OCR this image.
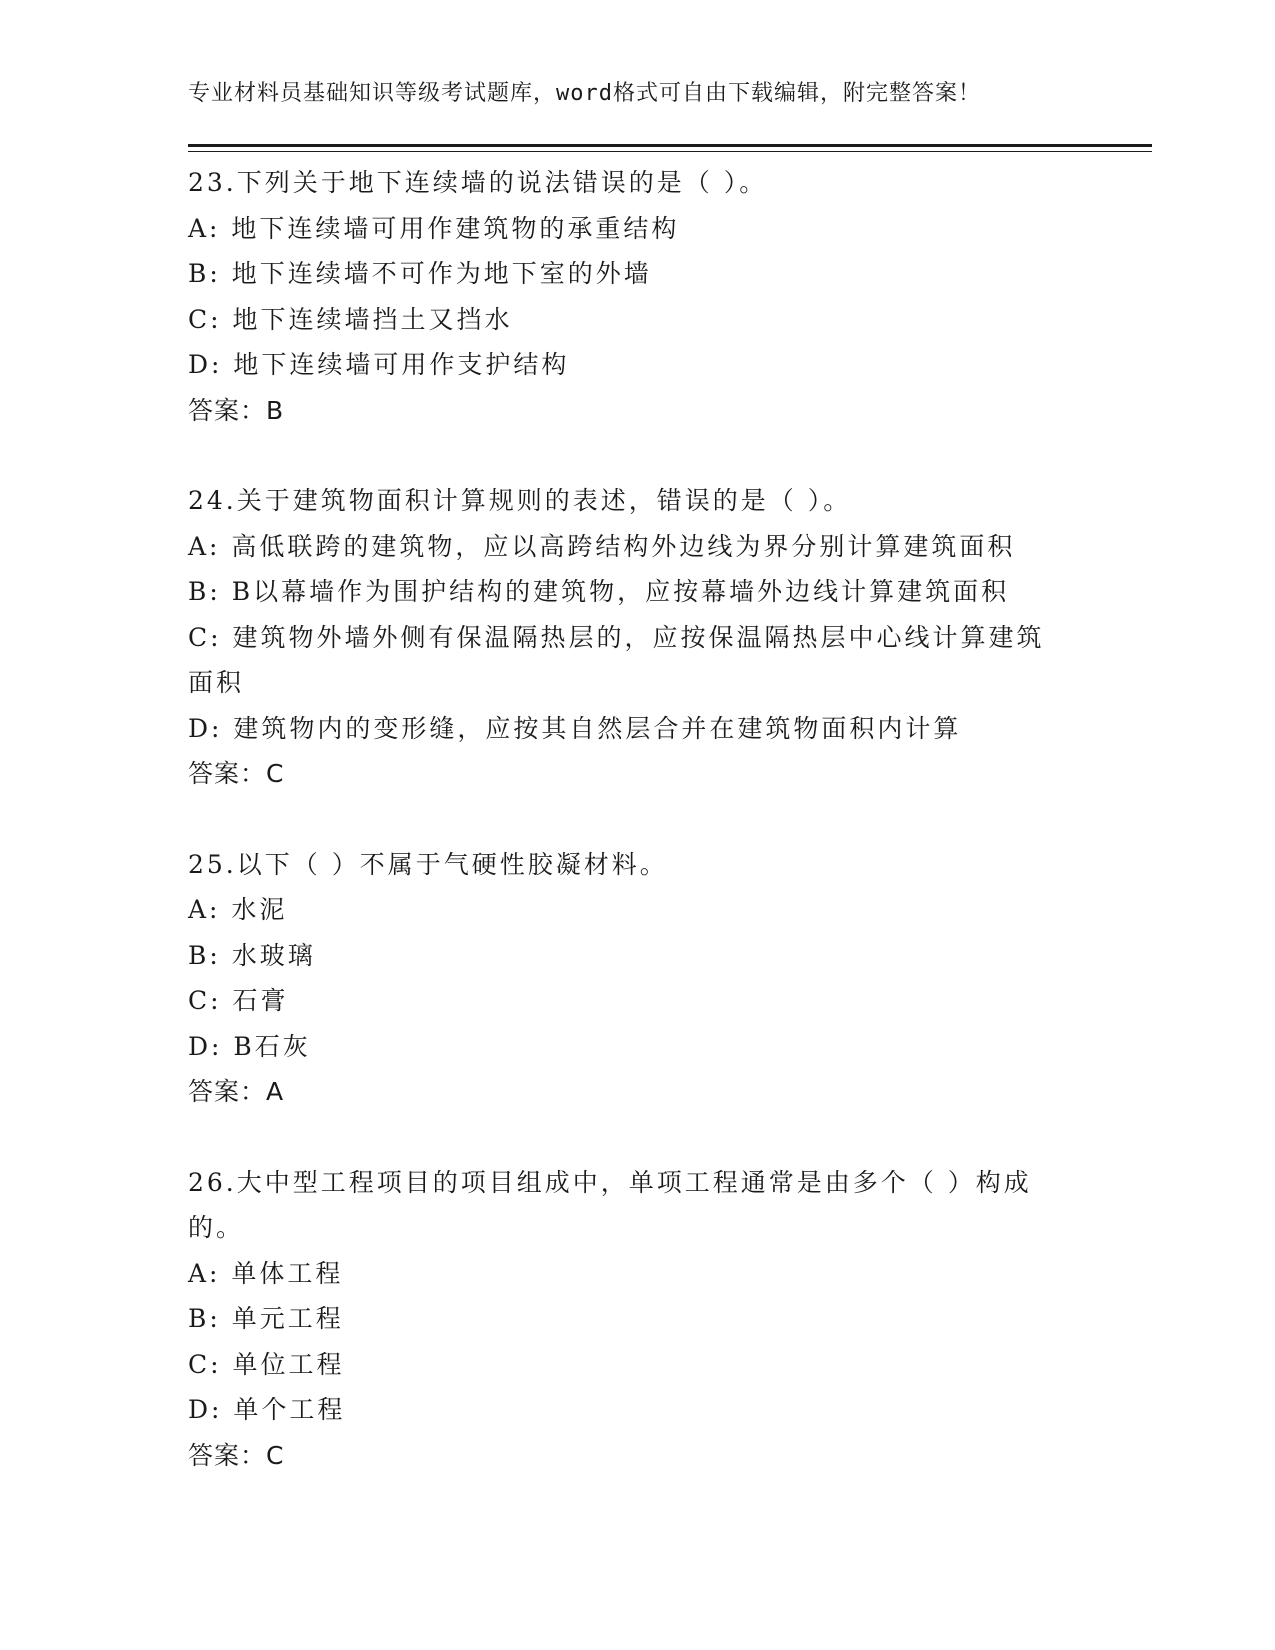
专业材料员基础知识等级考试题库，word格式可自由下载编辑，附完整答案！
23.下列关于地下连续墙的说法错误的是（ ）。
A: 地下连续墙可用作建筑物的承重结构
B: 地下连续墙不可作为地下室的外墙
C: 地下连续墙挡土又挡水
D: 地下连续墙可用作支护结构
答案：B
24.关于建筑物面积计算规则的表述，错误的是（ ）。
A: 高低联跨的建筑物，应以高跨结构外边线为界分别计算建筑面积
B: B以幕墙作为围护结构的建筑物，应按幕墙外边线计算建筑面积
C: 建筑物外墙外侧有保温隔热层的，应按保温隔热层中心线计算建筑面积
D: 建筑物内的变形缝，应按其自然层合并在建筑物面积内计算
答案：C
25.以下（ ）不属于气硬性胶凝材料。
A: 水泥
B: 水玻璃
C: 石膏
D: B石灰
答案：A
26.大中型工程项目的项目组成中，单项工程通常是由多个（ ）构成的。
A: 单体工程
B: 单元工程
C: 单位工程
D: 单个工程
答案：C
